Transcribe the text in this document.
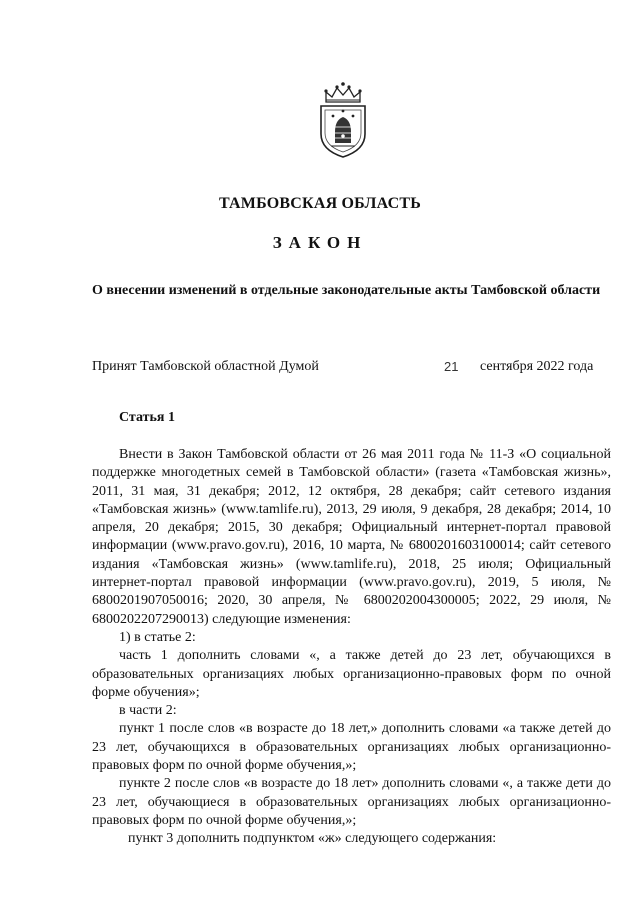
ТАМБОВСКАЯ ОБЛАСТЬ
ЗАКОН
О внесении изменений в отдельные законодательные акты Тамбовской области
Принят Тамбовской областной Думой	21 сентября 2022 года
Статья 1

Внести в Закон Тамбовской области от 26 мая 2011 года № 11-З «О социальной поддержке многодетных семей в Тамбовской области» (газета «Тамбовская жизнь», 2011, 31 мая, 31 декабря; 2012, 12 октября, 28 декабря; сайт сетевого издания «Тамбовская жизнь» (www.tamlife.ru), 2013, 29 июля, 9 декабря, 28 декабря; 2014, 10 апреля, 20 декабря; 2015, 30 декабря; Официальный интернет-портал правовой информации (www.pravo.gov.ru), 2016, 10 марта, № 6800201603100014; сайт сетевого издания «Тамбовская жизнь» (www.tamlife.ru), 2018, 25 июля; Официальный интернет-портал правовой информации (www.pravo.gov.ru), 2019, 5 июля, № 6800201907050016; 2020, 30 апреля, № 6800202004300005; 2022, 29 июля, № 6800202207290013) следующие изменения:

1) в статье 2:

часть 1 дополнить словами «, а также детей до 23 лет, обучающихся в образовательных организациях любых организационно-правовых форм по очной форме обучения»;

в части 2:

пункт 1 после слов «в возрасте до 18 лет,» дополнить словами «а также детей до 23 лет, обучающихся в образовательных организациях любых организационно-правовых форм по очной форме обучения,»;

пункте 2 после слов «в возрасте до 18 лет» дополнить словами «, а также дети до 23 лет, обучающиеся в образовательных организациях любых организационно-правовых форм по очной форме обучения,»;

пункт 3 дополнить подпунктом «ж» следующего содержания:
